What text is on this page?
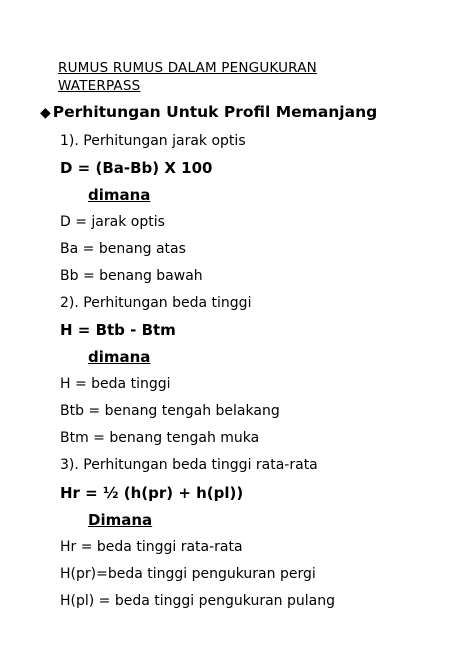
RUMUS RUMUS DALAM PENGUKURAN
WATERPASS
◆ Perhitungan Untuk Profil Memanjang
1). Perhitungan jarak optis
D = (Ba-Bb) X 100
dimana
D = jarak optis
Ba = benang atas
Bb = benang bawah
2). Perhitungan beda tinggi
H = Btb - Btm
dimana
H = beda tinggi
Btb = benang tengah belakang
Btm = benang tengah muka
3). Perhitungan beda tinggi rata-rata
Hr = ½ (h(pr) + h(pl))
Dimana
Hr = beda tinggi rata-rata
H(pr)=beda tinggi pengukuran pergi
H(pl) = beda tinggi pengukuran pulang
